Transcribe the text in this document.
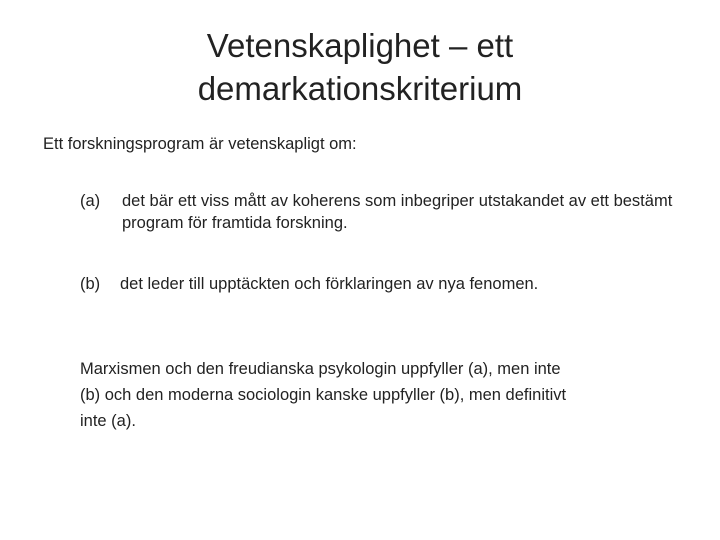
Vetenskaplighet – ett
demarkationskriterium
Ett forskningsprogram är vetenskapligt om:
(a) det bär ett viss mått av koherens som inbegriper utstakandet av ett bestämt program för framtida forskning.
(b) det leder till upptäckten och förklaringen av nya fenomen.
Marxismen och den freudianska psykologin uppfyller (a), men inte
(b) och den moderna sociologin kanske uppfyller (b), men definitivt
inte (a).
